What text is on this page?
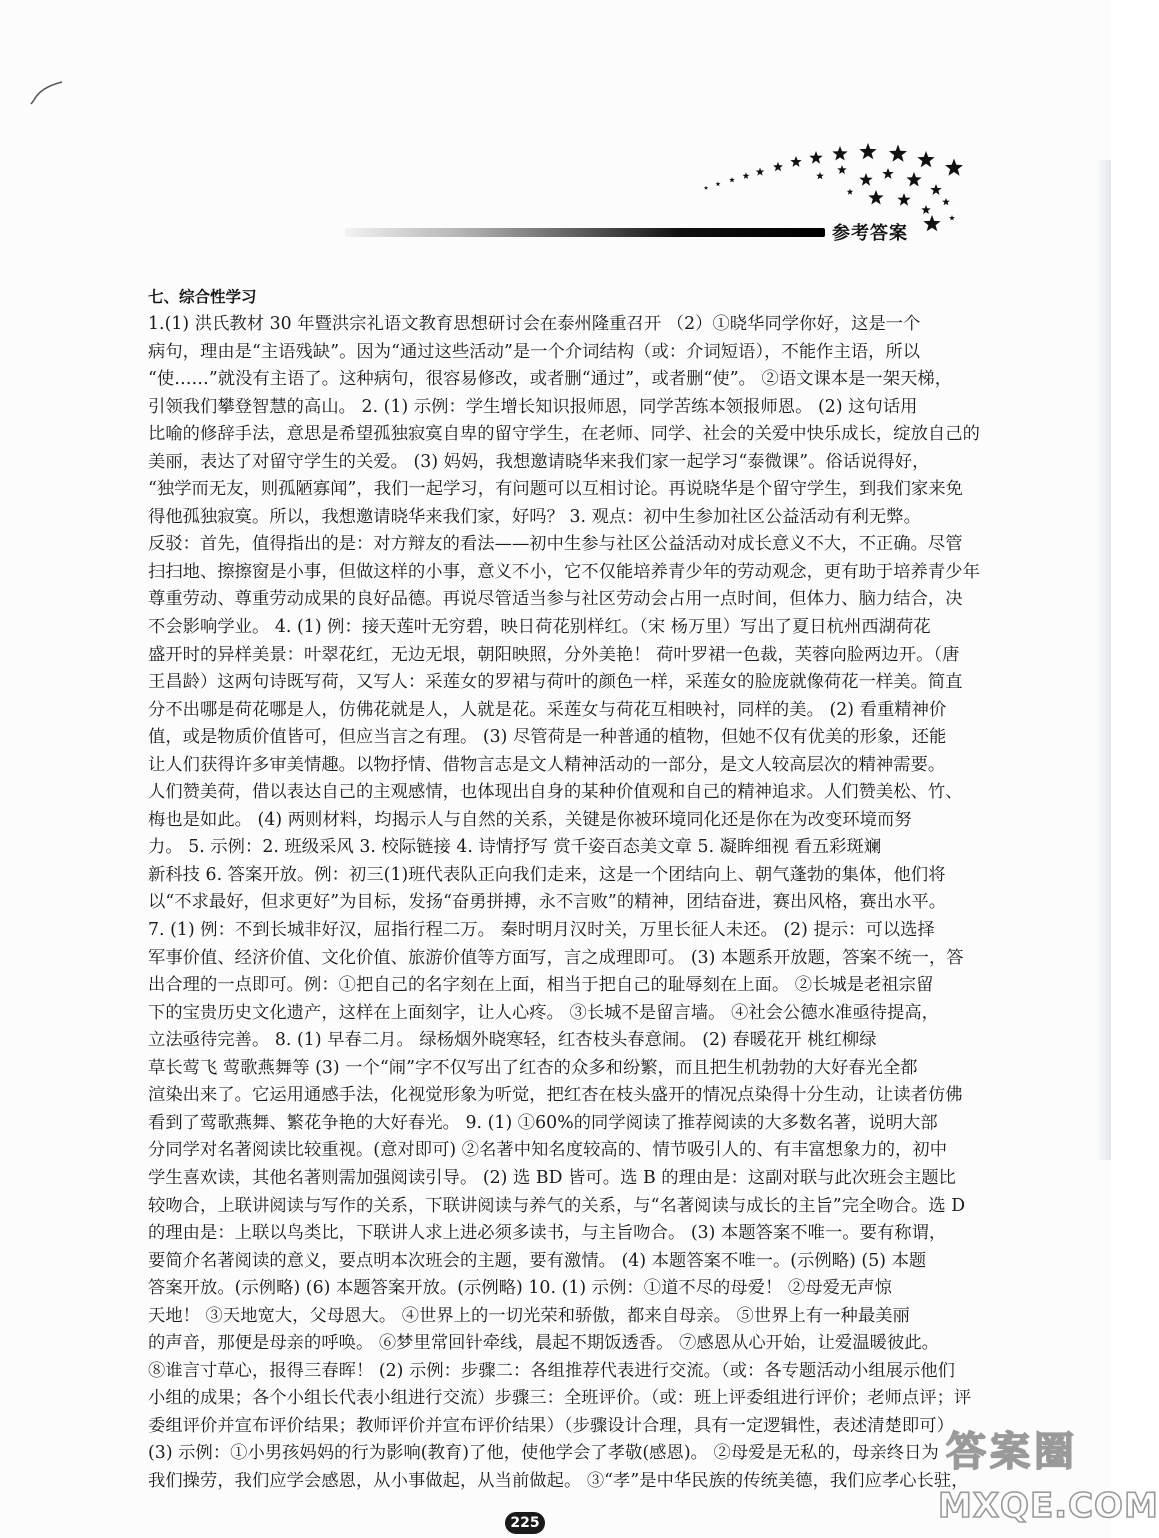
参考答案
七、综合性学习
1.(1) 洪氏教材 30 年暨洪宗礼语文教育思想研讨会在泰州隆重召开 （2）①晓华同学你好，这是一个
病句，理由是“主语残缺”。因为“通过这些活动”是一个介词结构（或：介词短语），不能作主语，所以
“使……”就没有主语了。这种病句，很容易修改，或者删“通过”，或者删“使”。 ②语文课本是一架天梯，
引领我们攀登智慧的高山。 2. (1) 示例：学生增长知识报师恩，同学苦练本领报师恩。 (2) 这句话用
比喻的修辞手法，意思是希望孤独寂寞自卑的留守学生，在老师、同学、社会的关爱中快乐成长，绽放自己的
美丽，表达了对留守学生的关爱。 (3) 妈妈，我想邀请晓华来我们家一起学习“泰微课”。俗话说得好，
“独学而无友，则孤陋寡闻”，我们一起学习，有问题可以互相讨论。再说晓华是个留守学生，到我们家来免
得他孤独寂寞。所以，我想邀请晓华来我们家，好吗？ 3. 观点：初中生参加社区公益活动有利无弊。
反驳：首先，值得指出的是：对方辩友的看法——初中生参与社区公益活动对成长意义不大，不正确。尽管
扫扫地、擦擦窗是小事，但做这样的小事，意义不小，它不仅能培养青少年的劳动观念，更有助于培养青少年
尊重劳动、尊重劳动成果的良好品德。再说尽管适当参与社区劳动会占用一点时间，但体力、脑力结合，决
不会影响学业。 4. (1) 例：接天莲叶无穷碧，映日荷花别样红。（宋 杨万里）写出了夏日杭州西湖荷花
盛开时的异样美景：叶翠花红，无边无垠，朝阳映照，分外美艳！ 荷叶罗裙一色裁，芙蓉向脸两边开。（唐
王昌龄）这两句诗既写荷，又写人：采莲女的罗裙与荷叶的颜色一样，采莲女的脸庞就像荷花一样美。简直
分不出哪是荷花哪是人，仿佛花就是人，人就是花。采莲女与荷花互相映衬，同样的美。 (2) 看重精神价
值，或是物质价值皆可，但应当言之有理。 (3) 尽管荷是一种普通的植物，但她不仅有优美的形象，还能
让人们获得许多审美情趣。以物抒情、借物言志是文人精神活动的一部分，是文人较高层次的精神需要。
人们赞美荷，借以表达自己的主观感情，也体现出自身的某种价值观和自己的精神追求。人们赞美松、竹、
梅也是如此。 (4) 两则材料，均揭示人与自然的关系，关键是你被环境同化还是你在为改变环境而努
力。 5. 示例：2. 班级采风 3. 校际链接 4. 诗情抒写 赏千姿百态美文章 5. 凝眸细视 看五彩斑斓
新科技 6. 答案开放。例：初三(1)班代表队正向我们走来，这是一个团结向上、朝气蓬勃的集体，他们将
以“不求最好，但求更好”为目标，发扬“奋勇拼搏，永不言败”的精神，团结奋进，赛出风格，赛出水平。
7. (1) 例：不到长城非好汉，屈指行程二万。 秦时明月汉时关，万里长征人未还。 (2) 提示：可以选择
军事价值、经济价值、文化价值、旅游价值等方面写，言之成理即可。 (3) 本题系开放题，答案不统一，答
出合理的一点即可。例：①把自己的名字刻在上面，相当于把自己的耻辱刻在上面。 ②长城是老祖宗留
下的宝贵历史文化遗产，这样在上面刻字，让人心疼。 ③长城不是留言墙。 ④社会公德水准亟待提高，
立法亟待完善。 8. (1) 早春二月。 绿杨烟外晓寒轻，红杏枝头春意闹。 (2) 春暖花开 桃红柳绿
草长莺飞 莺歌燕舞等 (3) 一个“闹”字不仅写出了红杏的众多和纷繁，而且把生机勃勃的大好春光全都
渲染出来了。它运用通感手法，化视觉形象为听觉，把红杏在枝头盛开的情况点染得十分生动，让读者仿佛
看到了莺歌燕舞、繁花争艳的大好春光。 9. (1) ①60%的同学阅读了推荐阅读的大多数名著，说明大部
分同学对名著阅读比较重视。(意对即可) ②名著中知名度较高的、情节吸引人的、有丰富想象力的，初中
学生喜欢读，其他名著则需加强阅读引导。 (2) 选 BD 皆可。选 B 的理由是：这副对联与此次班会主题比
较吻合，上联讲阅读与写作的关系，下联讲阅读与养气的关系，与“名著阅读与成长的主旨”完全吻合。选 D
的理由是：上联以鸟类比，下联讲人求上进必须多读书，与主旨吻合。 (3) 本题答案不唯一。要有称谓，
要简介名著阅读的意义，要点明本次班会的主题，要有激情。 (4) 本题答案不唯一。(示例略) (5) 本题
答案开放。(示例略) (6) 本题答案开放。(示例略) 10. (1) 示例：①道不尽的母爱！ ②母爱无声惊
天地！ ③天地宽大，父母恩大。 ④世界上的一切光荣和骄傲，都来自母亲。 ⑤世界上有一种最美丽
的声音，那便是母亲的呼唤。 ⑥梦里常回针牵线，晨起不期饭透香。 ⑦感恩从心开始，让爱温暖彼此。
⑧谁言寸草心，报得三春晖！ (2) 示例：步骤二：各组推荐代表进行交流。（或：各专题活动小组展示他们
小组的成果；各个小组长代表小组进行交流）步骤三：全班评价。（或：班上评委组进行评价；老师点评；评
委组评价并宣布评价结果；教师评价并宣布评价结果）（步骤设计合理，具有一定逻辑性，表述清楚即可）
(3) 示例：①小男孩妈妈的行为影响(教育)了他，使他学会了孝敬(感恩)。 ②母爱是无私的，母亲终日为
我们操劳，我们应学会感恩，从小事做起，从当前做起。 ③“孝”是中华民族的传统美德，我们应孝心长驻，
225
答案圈
MXQE.COM
